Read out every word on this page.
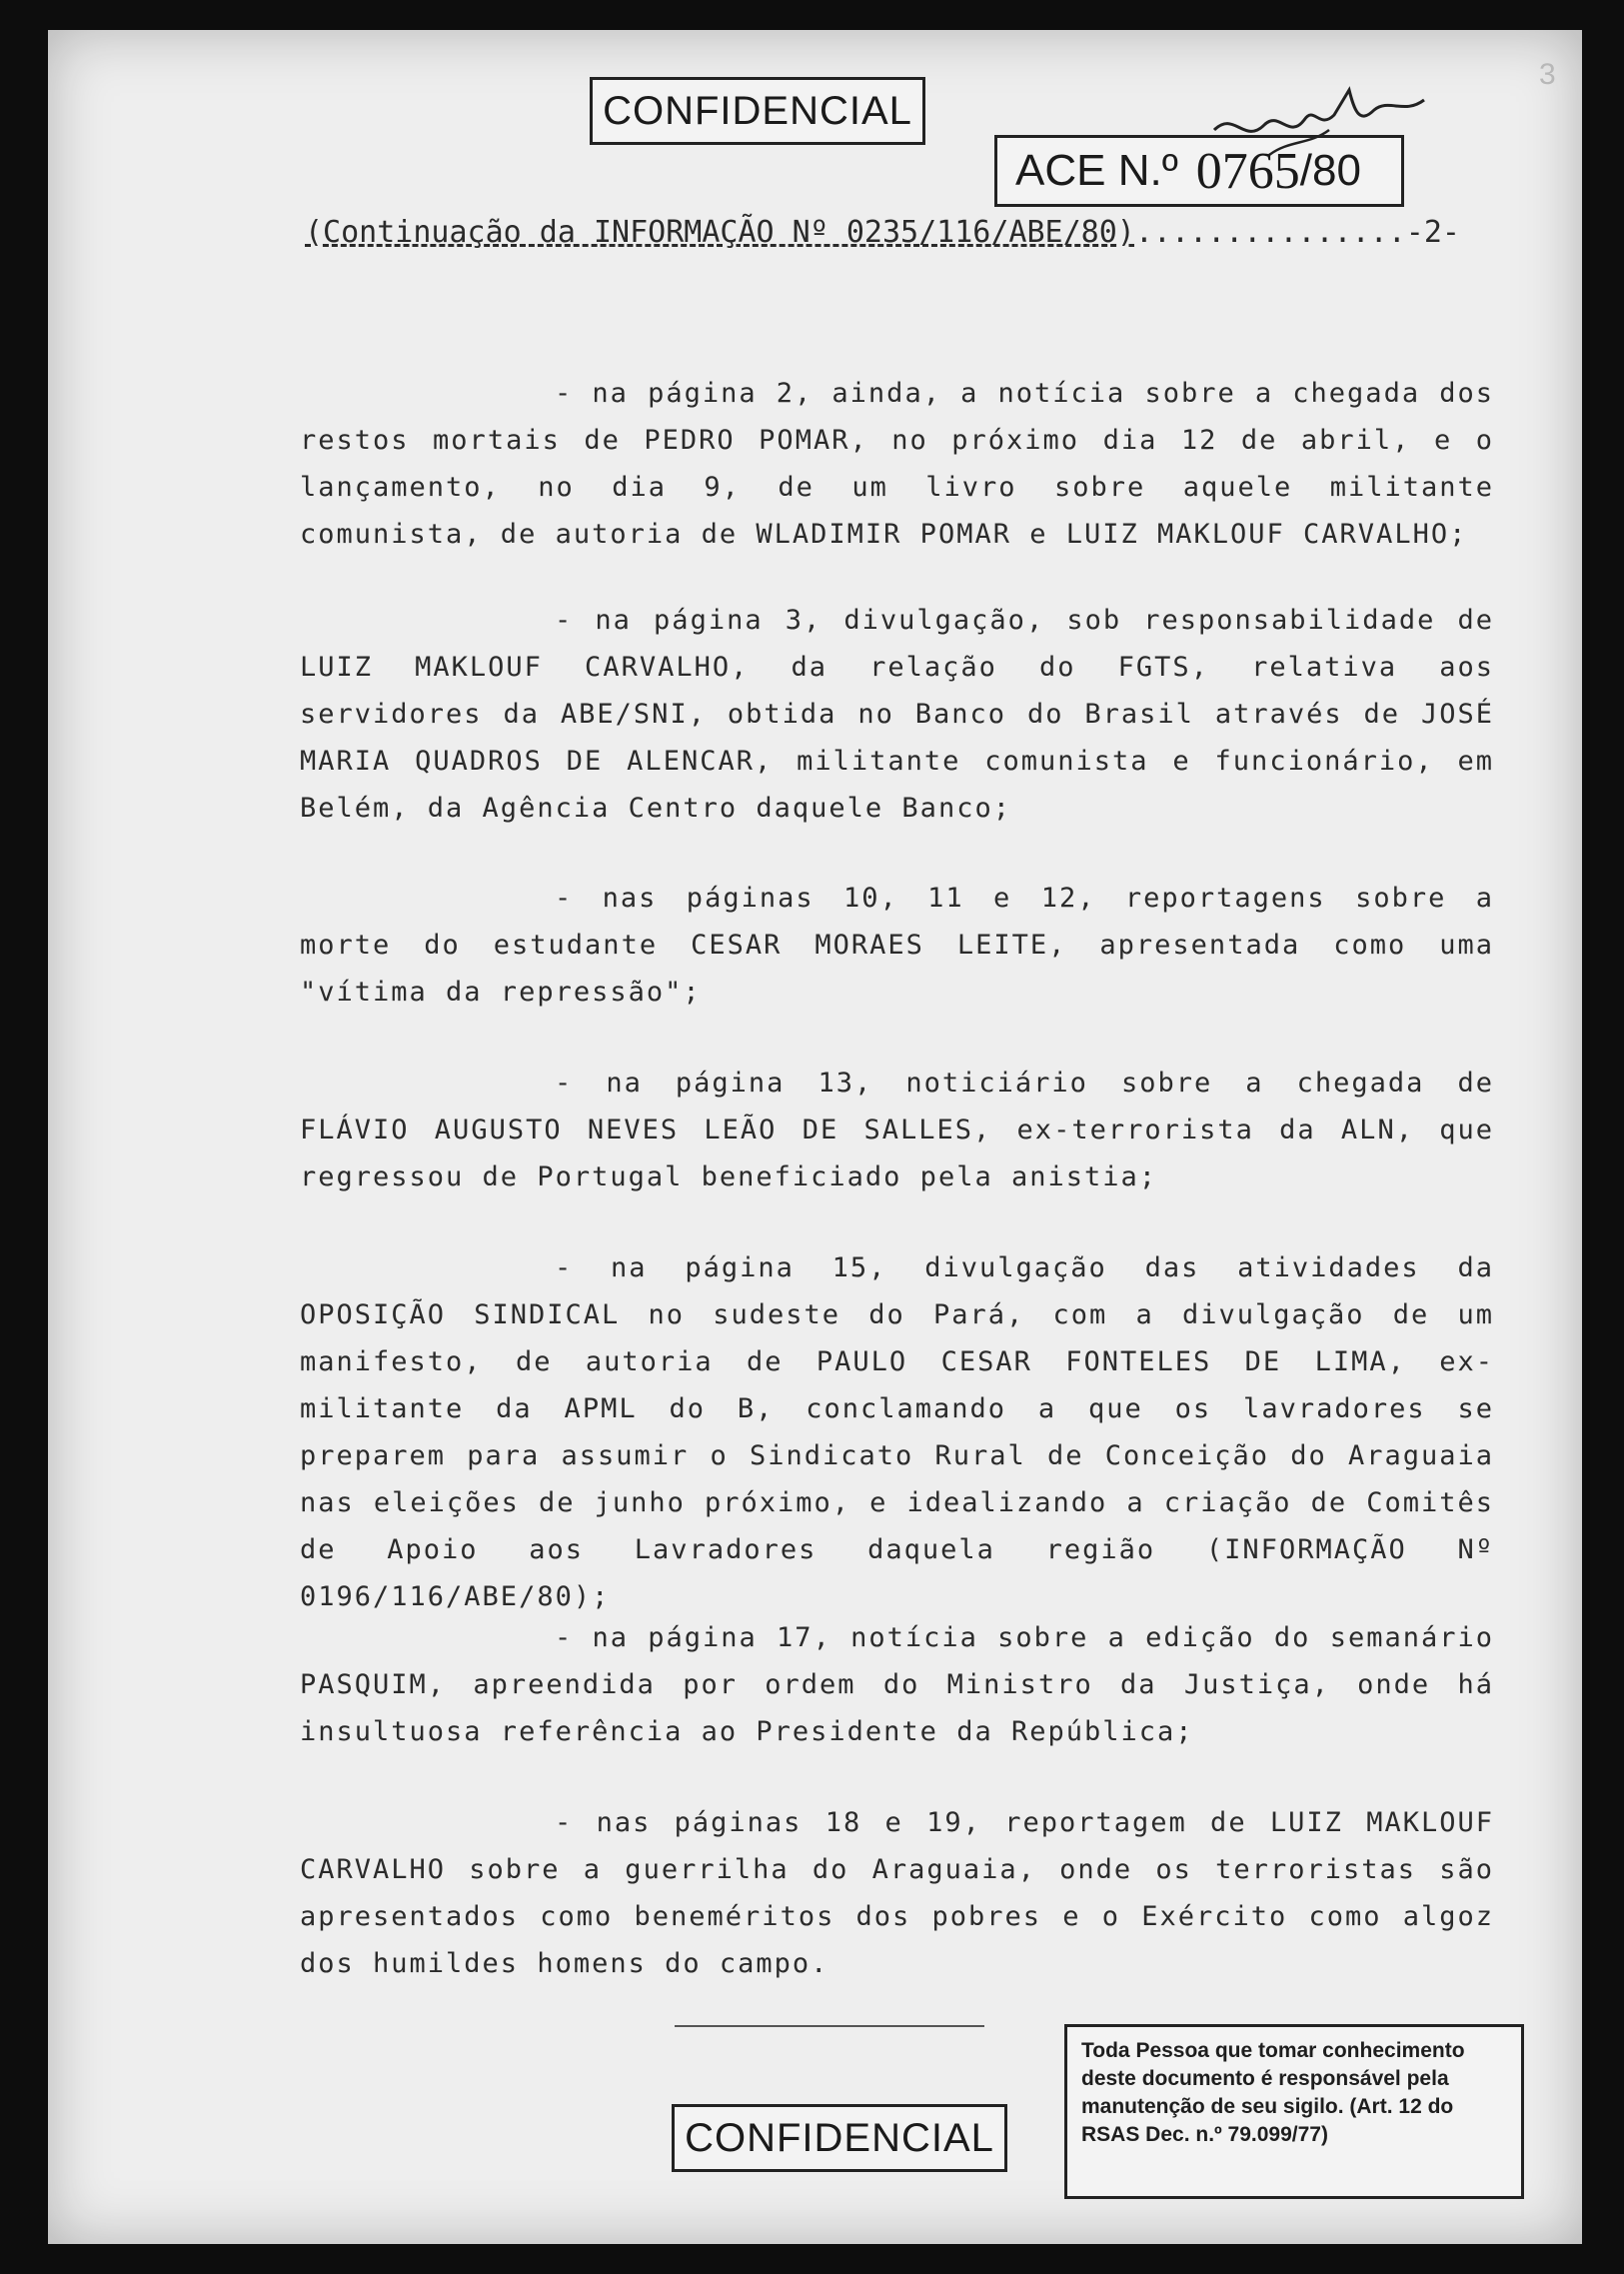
3
CONFIDENCIAL
ACE N.º 0765 /80
(Continuação da INFORMAÇÃO Nº 0235/116/ABE/80)...............-2-
- na página 2, ainda, a notícia sobre a chegada dos restos mortais de PEDRO POMAR, no próximo dia 12 de abril, e o lançamento, no dia 9, de um livro sobre aquele militante comunista, de autoria de WLADIMIR POMAR e LUIZ MAKLOUF CARVALHO;
- na página 3, divulgação, sob responsabilidade de LUIZ MAKLOUF CARVALHO, da relação do FGTS, relativa aos servidores da ABE/SNI, obtida no Banco do Brasil através de JOSÉ MARIA QUADROS DE ALENCAR, militante comunista e funcionário, em Belém, da Agência Centro daquele Banco;
- nas páginas 10, 11 e 12, reportagens sobre a morte do estudante CESAR MORAES LEITE, apresentada como uma "vítima da repressão";
- na página 13, noticiário sobre a chegada de FLÁVIO AUGUSTO NEVES LEÃO DE SALLES, ex-terrorista da ALN, que regressou de Portugal beneficiado pela anistia;
- na página 15, divulgação das atividades da OPOSIÇÃO SINDICAL no sudeste do Pará, com a divulgação de um manifesto, de autoria de PAULO CESAR FONTELES DE LIMA, ex-militante da APML do B, conclamando a que os lavradores se preparem para assumir o Sindicato Rural de Conceição do Araguaia nas eleições de junho próximo, e idealizando a criação de Comitês de Apoio aos Lavradores daquela região (INFORMAÇÃO Nº 0196/116/ABE/80);
- na página 17, notícia sobre a edição do semanário PASQUIM, apreendida por ordem do Ministro da Justiça, onde há insultuosa referência ao Presidente da República;
- nas páginas 18 e 19, reportagem de LUIZ MAKLOUF CARVALHO sobre a guerrilha do Araguaia, onde os terroristas são apresentados como beneméritos dos pobres e o Exército como algoz dos humildes homens do campo.
Toda Pessoa que tomar conhecimento deste documento é responsável pela manutenção de seu sigilo. (Art. 12 do RSAS Dec. n.º 79.099/77)
CONFIDENCIAL
